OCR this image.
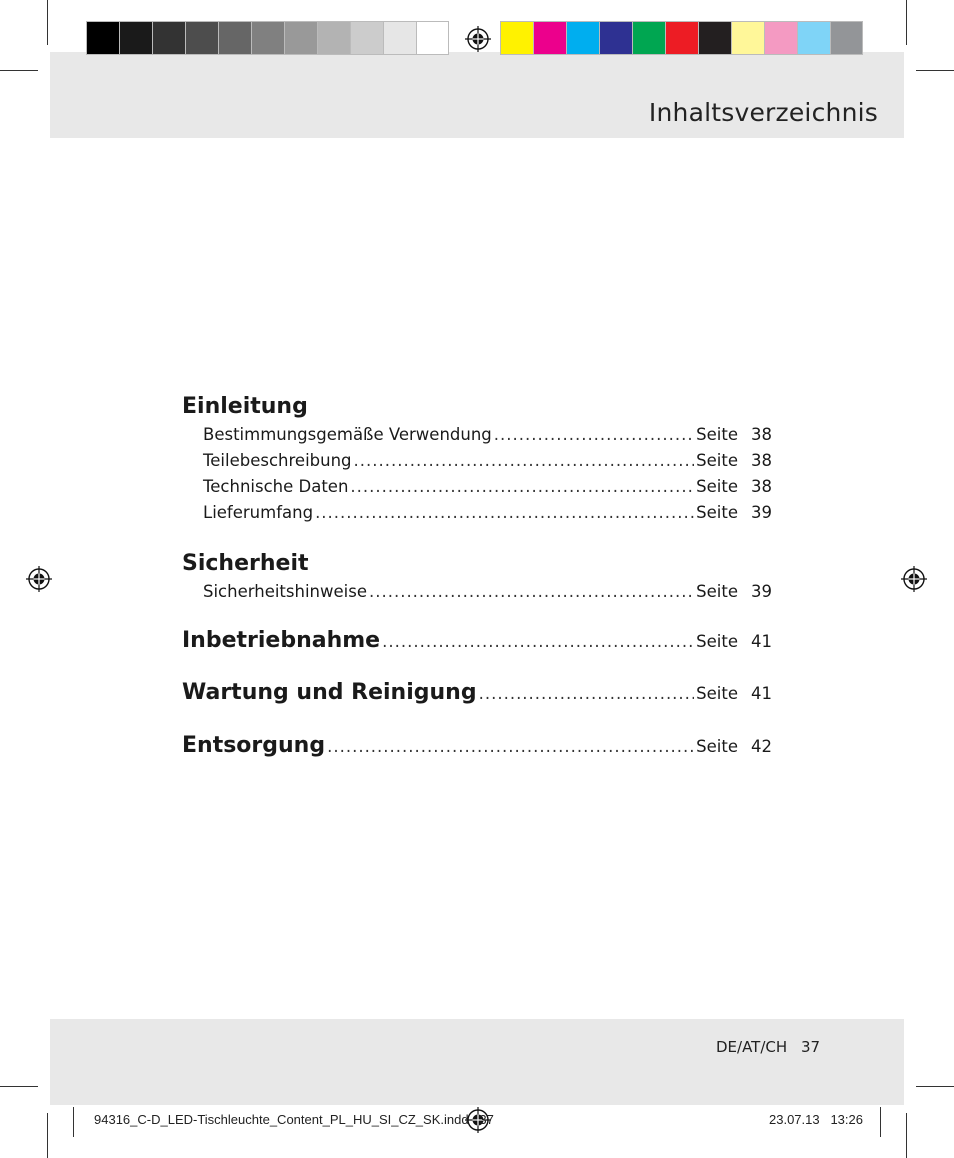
Inhaltsverzeichnis
Einleitung
Bestimmungsgemäße Verwendung .....	Seite 38
Teilebeschreibung .....	Seite 38
Technische Daten .....	Seite 38
Lieferumfang .....	Seite 39
Sicherheit
Sicherheitshinweise .....	Seite 39
Inbetriebnahme .....	Seite 41
Wartung und Reinigung .....	Seite 41
Entsorgung .....	Seite 42
DE/AT/CH 37
94316_C-D_LED-Tischleuchte_Content_PL_HU_SI_CZ_SK.indd   37	23.07.13   13:26
